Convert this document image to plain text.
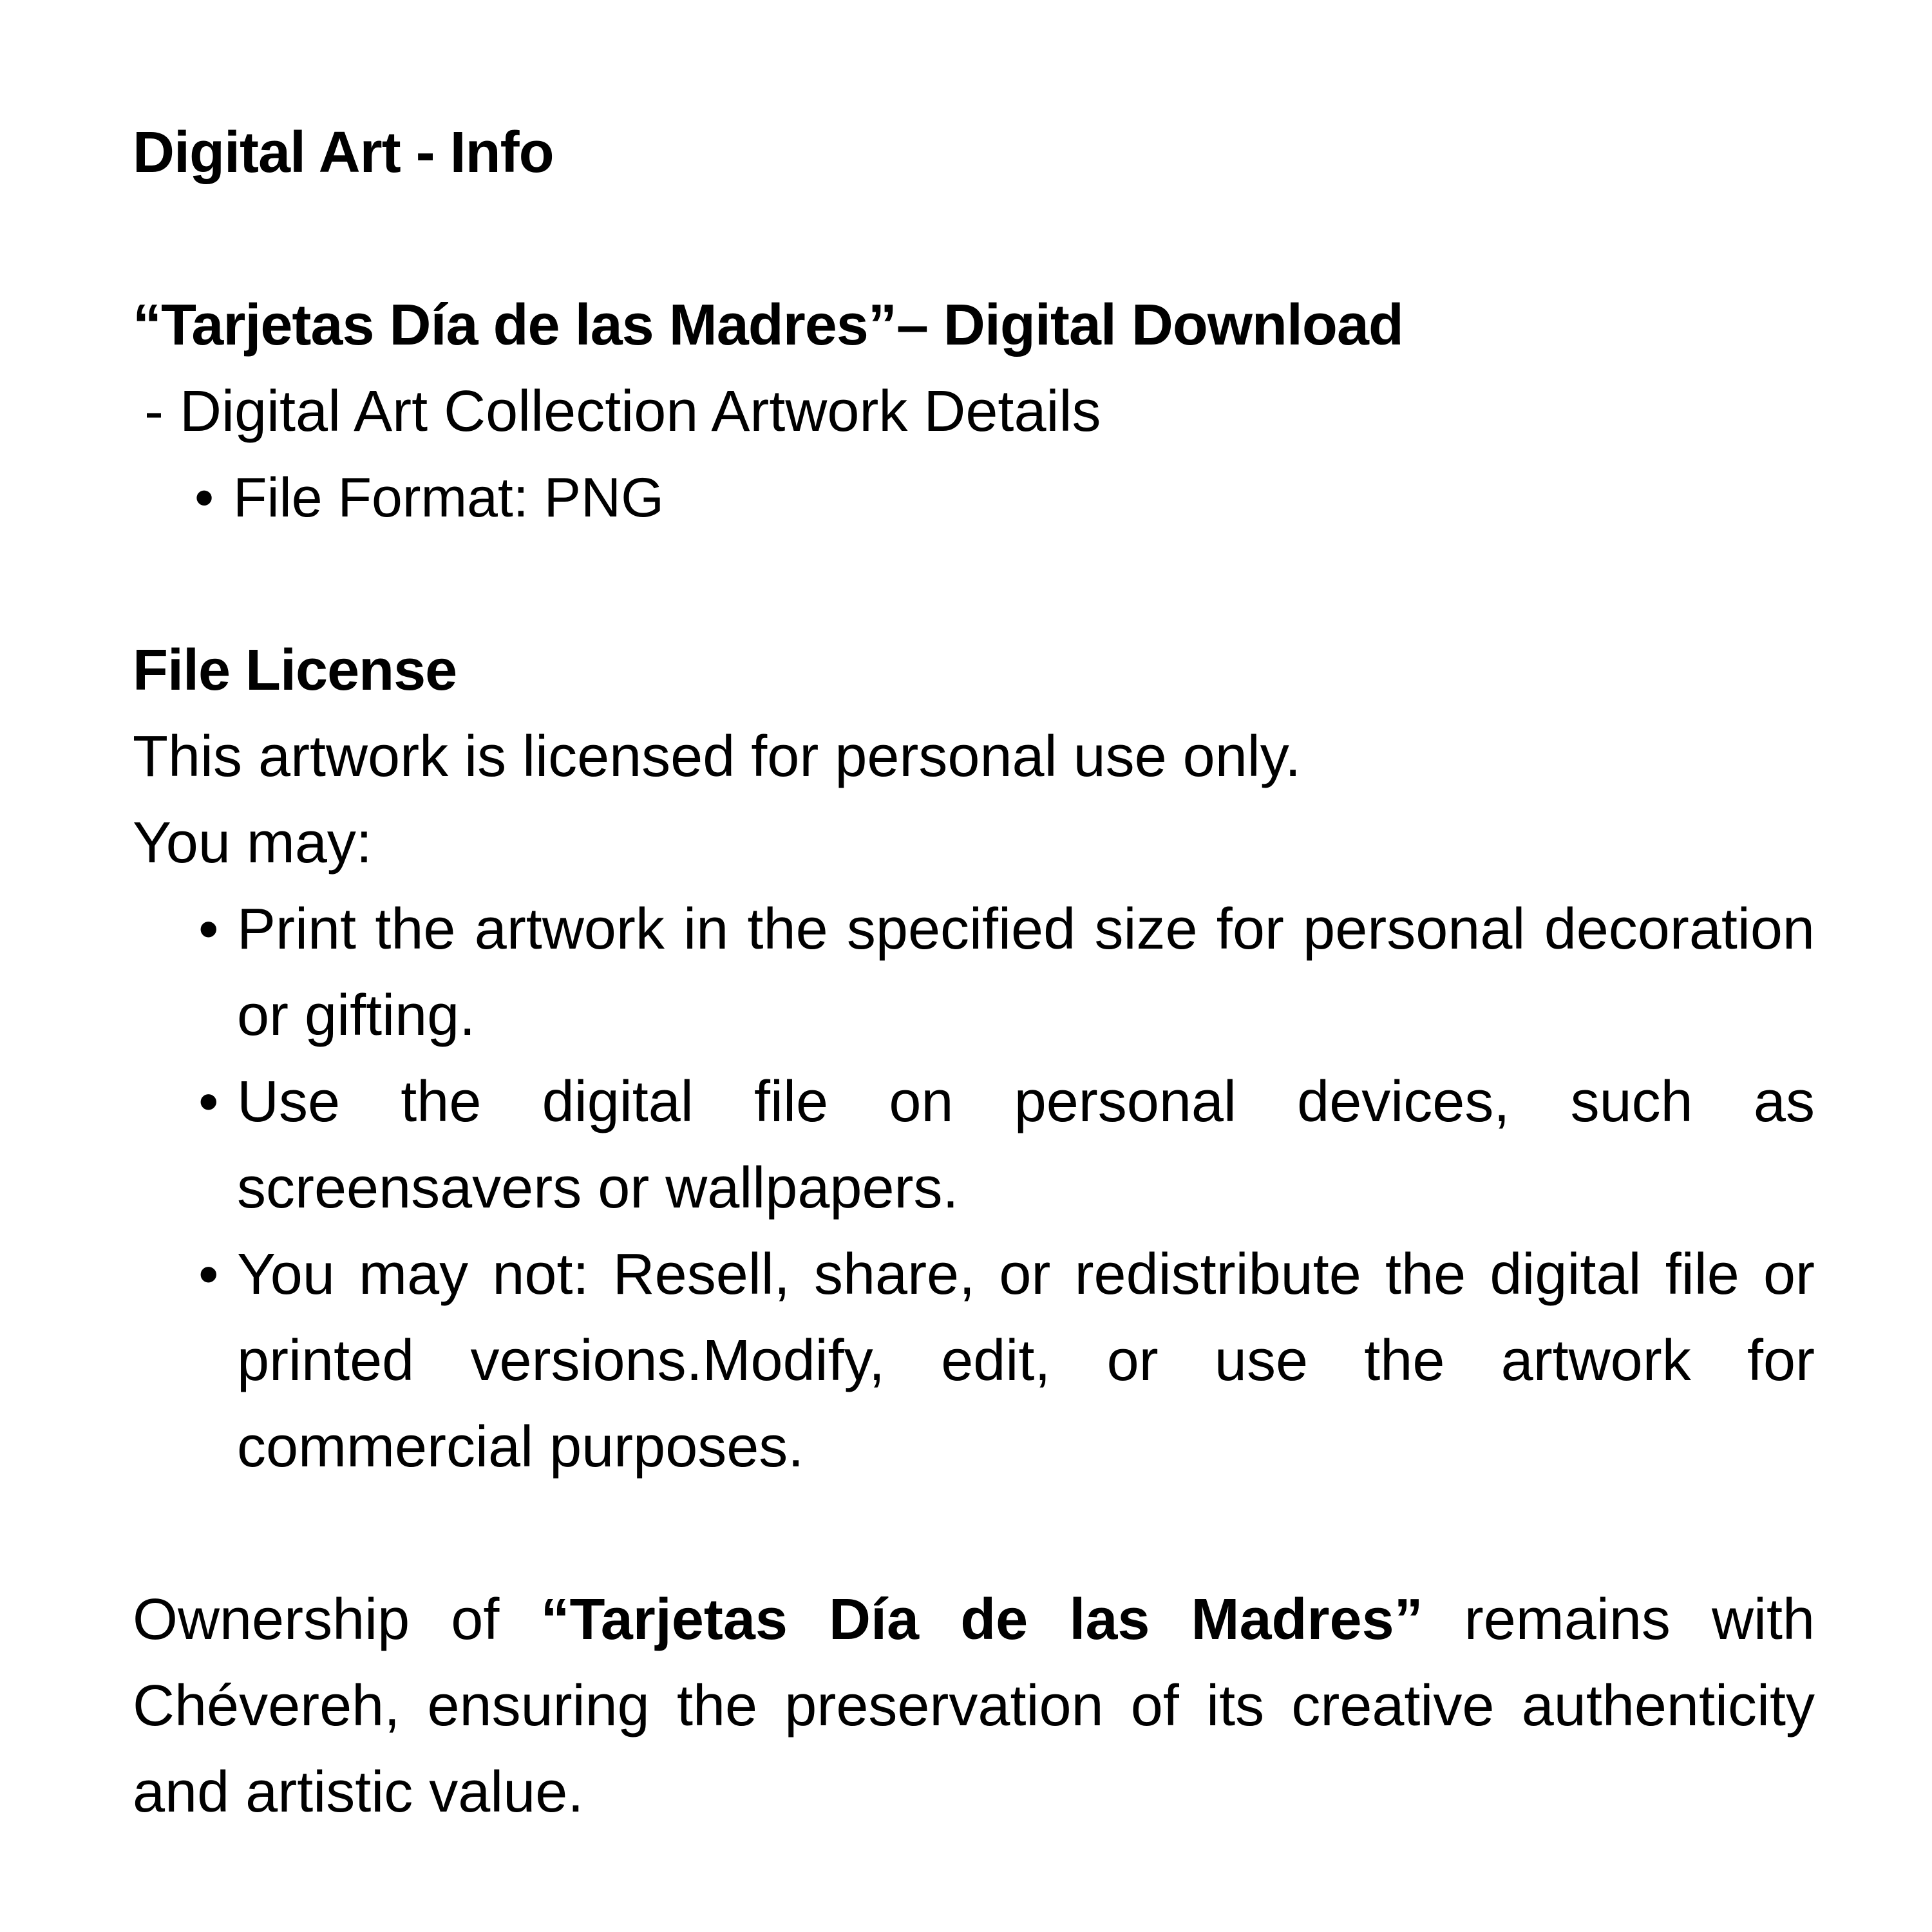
Digital Art - Info
“Tarjetas Día de las Madres”– Digital Download

- Digital Art Collection Artwork Details

• File Format: PNG
File License

This artwork is licensed for personal use only.

You may:

• Print the artwork in the specified size for personal decoration or gifting.
• Use the digital file on personal devices, such as screensavers or wallpapers.
• You may not: Resell, share, or redistribute the digital file or printed versions.Modify, edit, or use the artwork for commercial purposes.

Ownership of “Tarjetas Día de las Madres” remains with Chévereh, ensuring the preservation of its creative authenticity and artistic value.
